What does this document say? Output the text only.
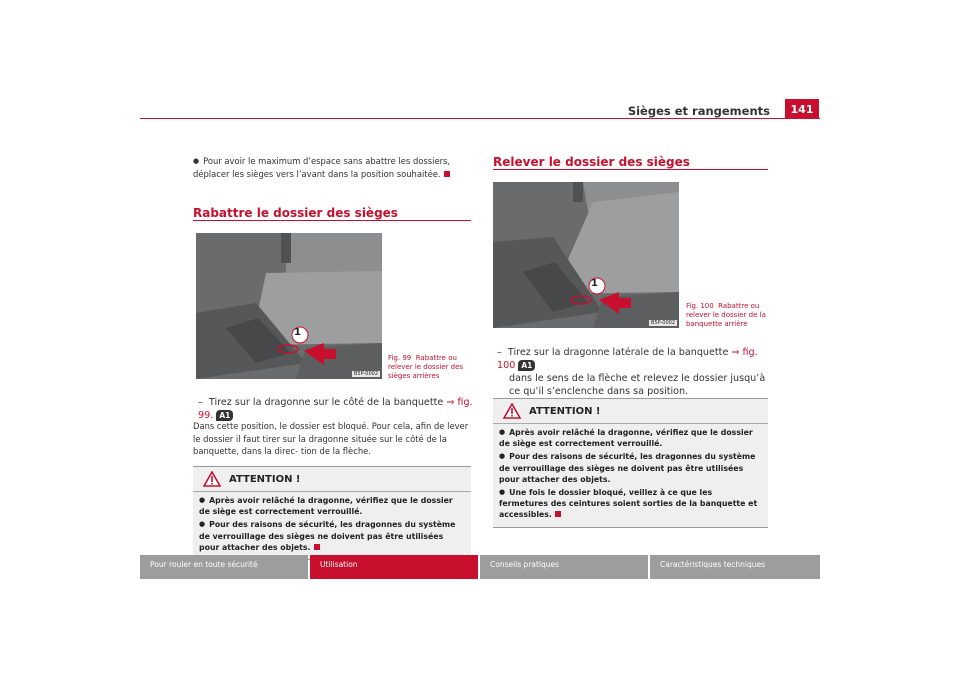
Sièges et rangements	141
● Pour avoir le maximum d’espace sans abattre les dossiers, déplacer les sièges vers l’avant dans la position souhaitée.
Rabattre le dossier des sièges
1
B5P-0002
Fig. 99 Rabattre ou relever le dossier des sièges arrières
–  Tirez sur la dragonne sur le côté de la banquette ⇒ fig. 99. A1
Dans cette position, le dossier est bloqué. Pour cela, afin de lever le dossier il faut tirer sur la dragonne située sur le côté de la banquette, dans la direc- tion de la flèche.
ATTENTION !

● Après avoir relâché la dragonne, vérifiez que le dossier de siège est correctement verrouillé.

● Pour des raisons de sécurité, les dragonnes du système de verrouillage des sièges ne doivent pas être utilisées pour attacher des objets.

Relever le dossier des sièges
1
B5P-0002
Fig. 100 Rabattre ou relever le dossier de la banquette arrière
–  Tirez sur la dragonne latérale de la banquette ⇒ fig. 100 A1
dans le sens de la flèche et relevez le dossier jusqu’à ce qu’il s’enclenche dans sa position.
ATTENTION !

● Après avoir relâché la dragonne, vérifiez que le dossier de siège est correctement verrouillé.

● Pour des raisons de sécurité, les dragonnes du système de verrouillage des sièges ne doivent pas être utilisées pour attacher des objets.

● Une fois le dossier bloqué, veillez à ce que les fermetures des ceintures soient sorties de la banquette et accessibles.

Pour rouler en toute sécurité	Utilisation	Conseils pratiques	Caractéristiques techniques
